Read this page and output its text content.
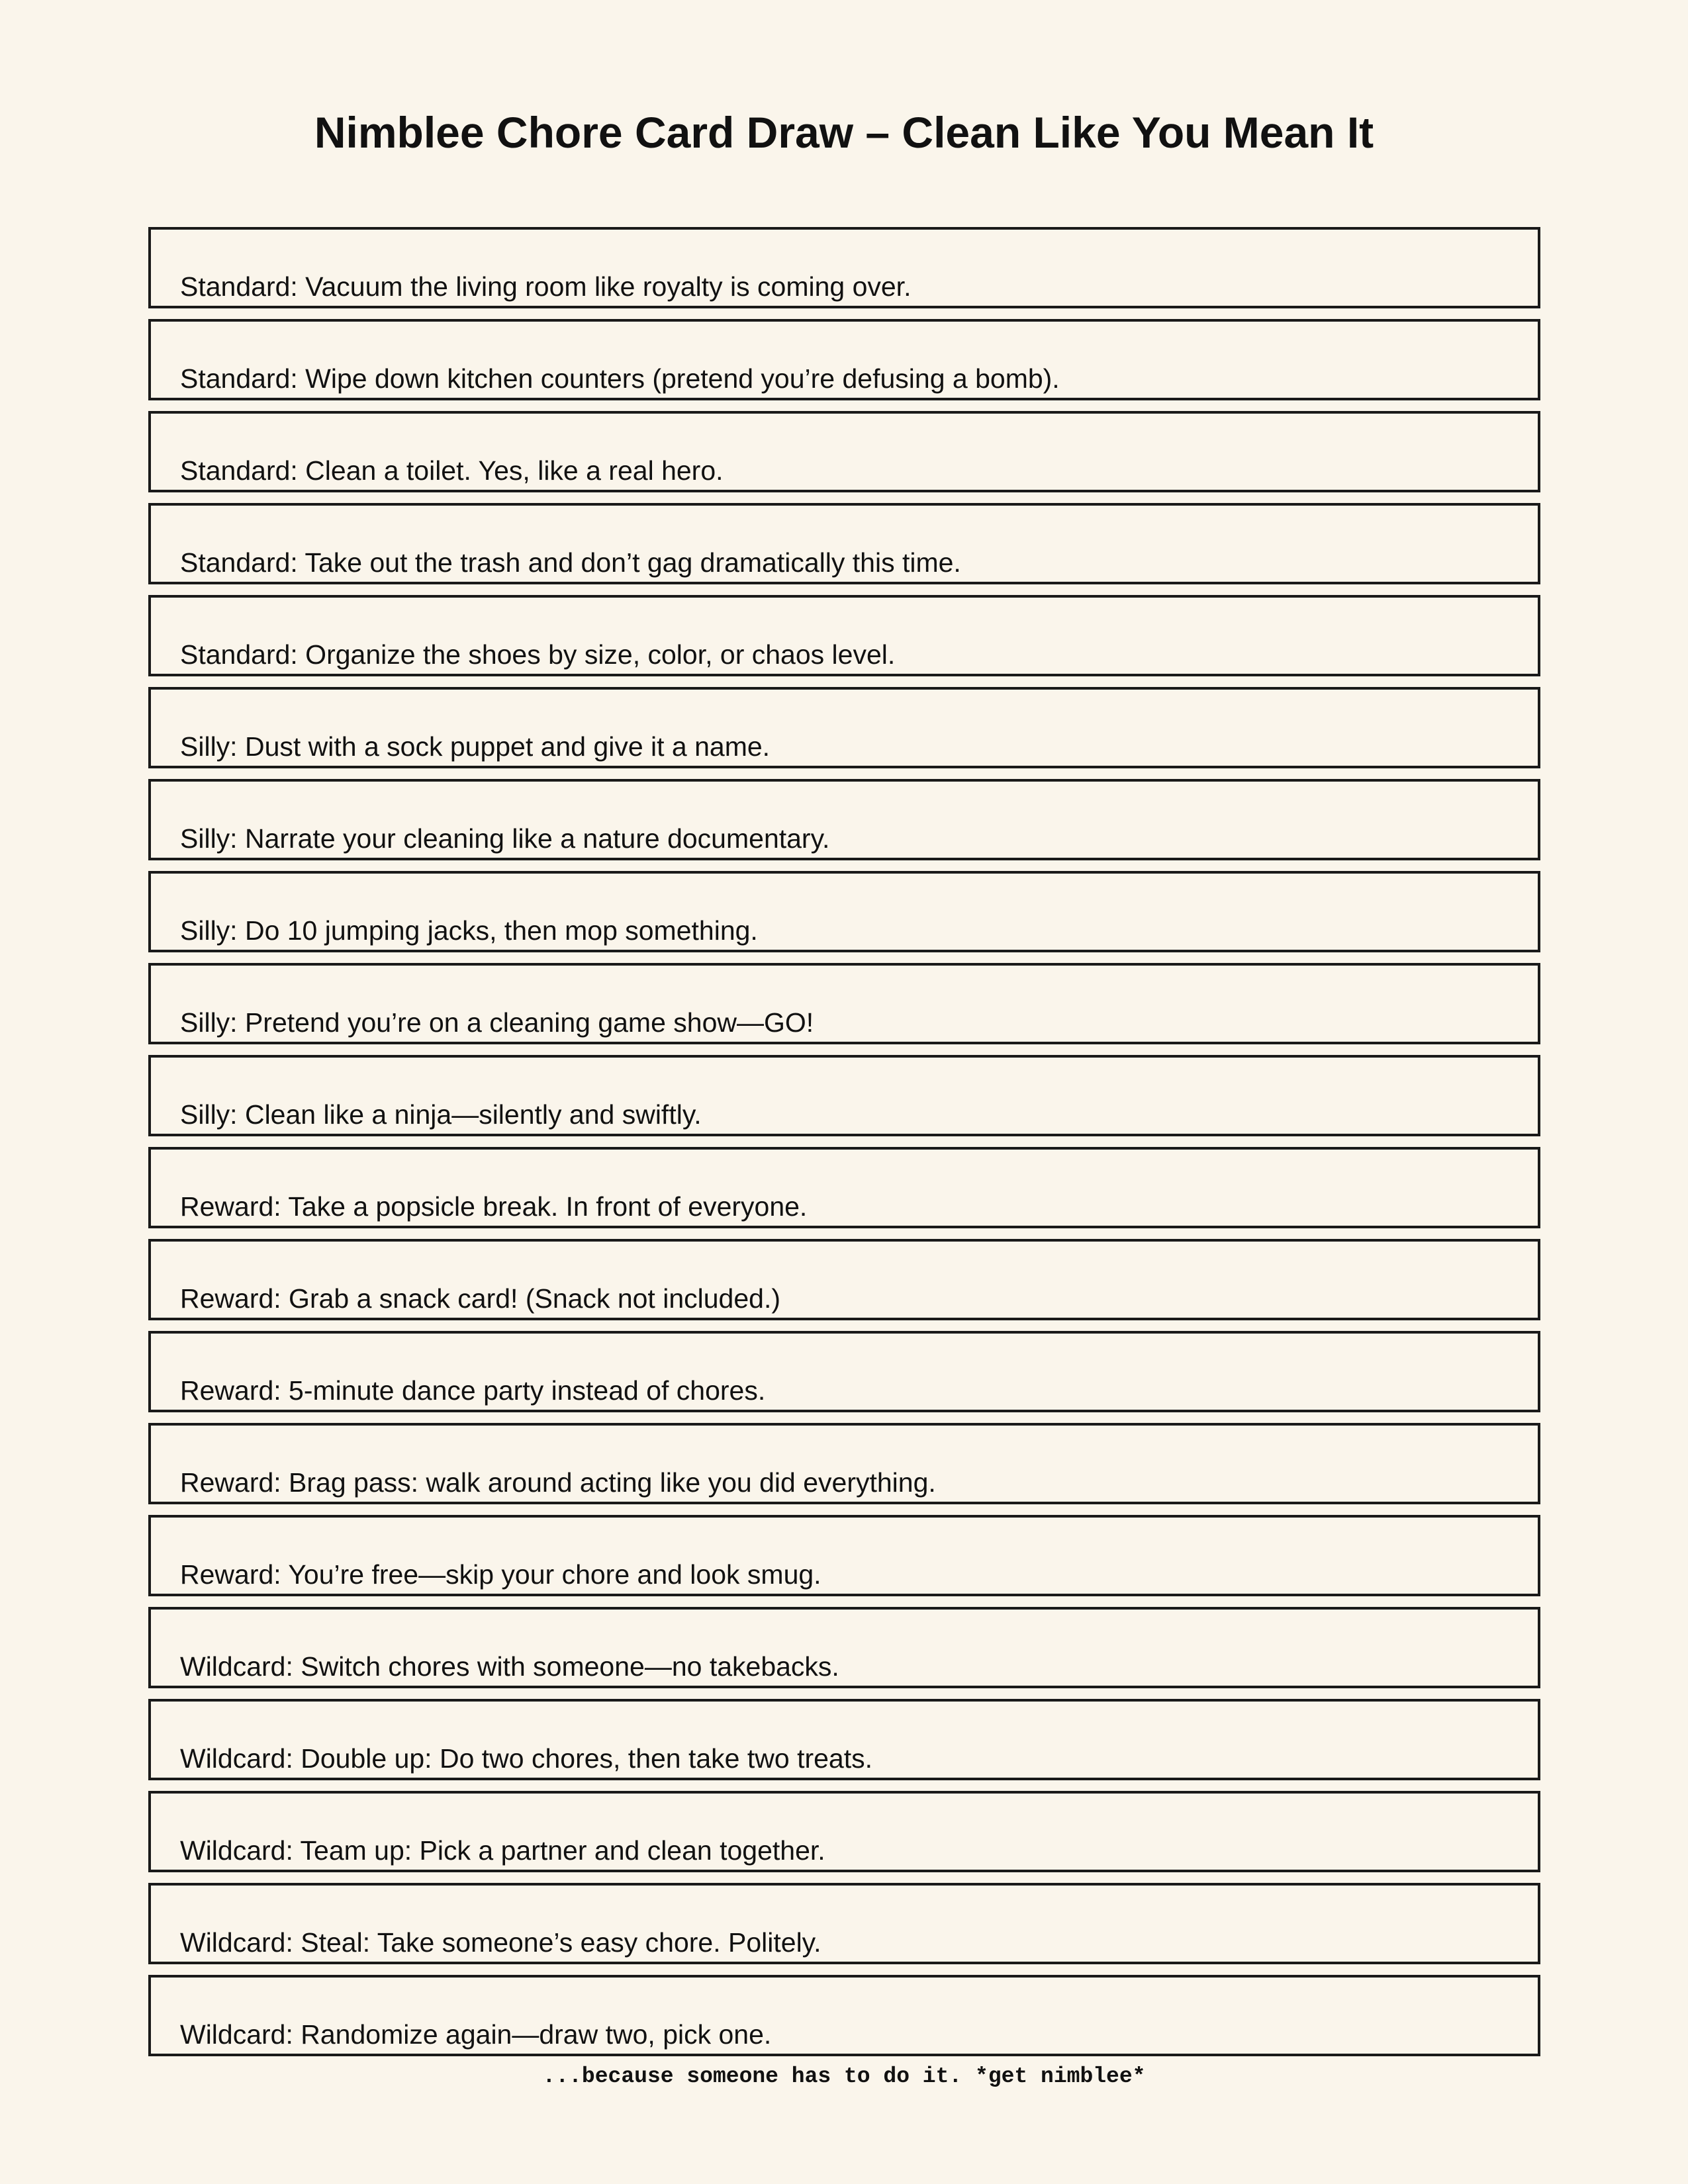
Nimblee Chore Card Draw – Clean Like You Mean It
Standard: Vacuum the living room like royalty is coming over.
Standard: Wipe down kitchen counters (pretend you’re defusing a bomb).
Standard: Clean a toilet. Yes, like a real hero.
Standard: Take out the trash and don’t gag dramatically this time.
Standard: Organize the shoes by size, color, or chaos level.
Silly: Dust with a sock puppet and give it a name.
Silly: Narrate your cleaning like a nature documentary.
Silly: Do 10 jumping jacks, then mop something.
Silly: Pretend you’re on a cleaning game show—GO!
Silly: Clean like a ninja—silently and swiftly.
Reward: Take a popsicle break. In front of everyone.
Reward: Grab a snack card! (Snack not included.)
Reward: 5-minute dance party instead of chores.
Reward: Brag pass: walk around acting like you did everything.
Reward: You’re free—skip your chore and look smug.
Wildcard: Switch chores with someone—no takebacks.
Wildcard: Double up: Do two chores, then take two treats.
Wildcard: Team up: Pick a partner and clean together.
Wildcard: Steal: Take someone’s easy chore. Politely.
Wildcard: Randomize again—draw two, pick one.
...because someone has to do it. *get nimblee*
